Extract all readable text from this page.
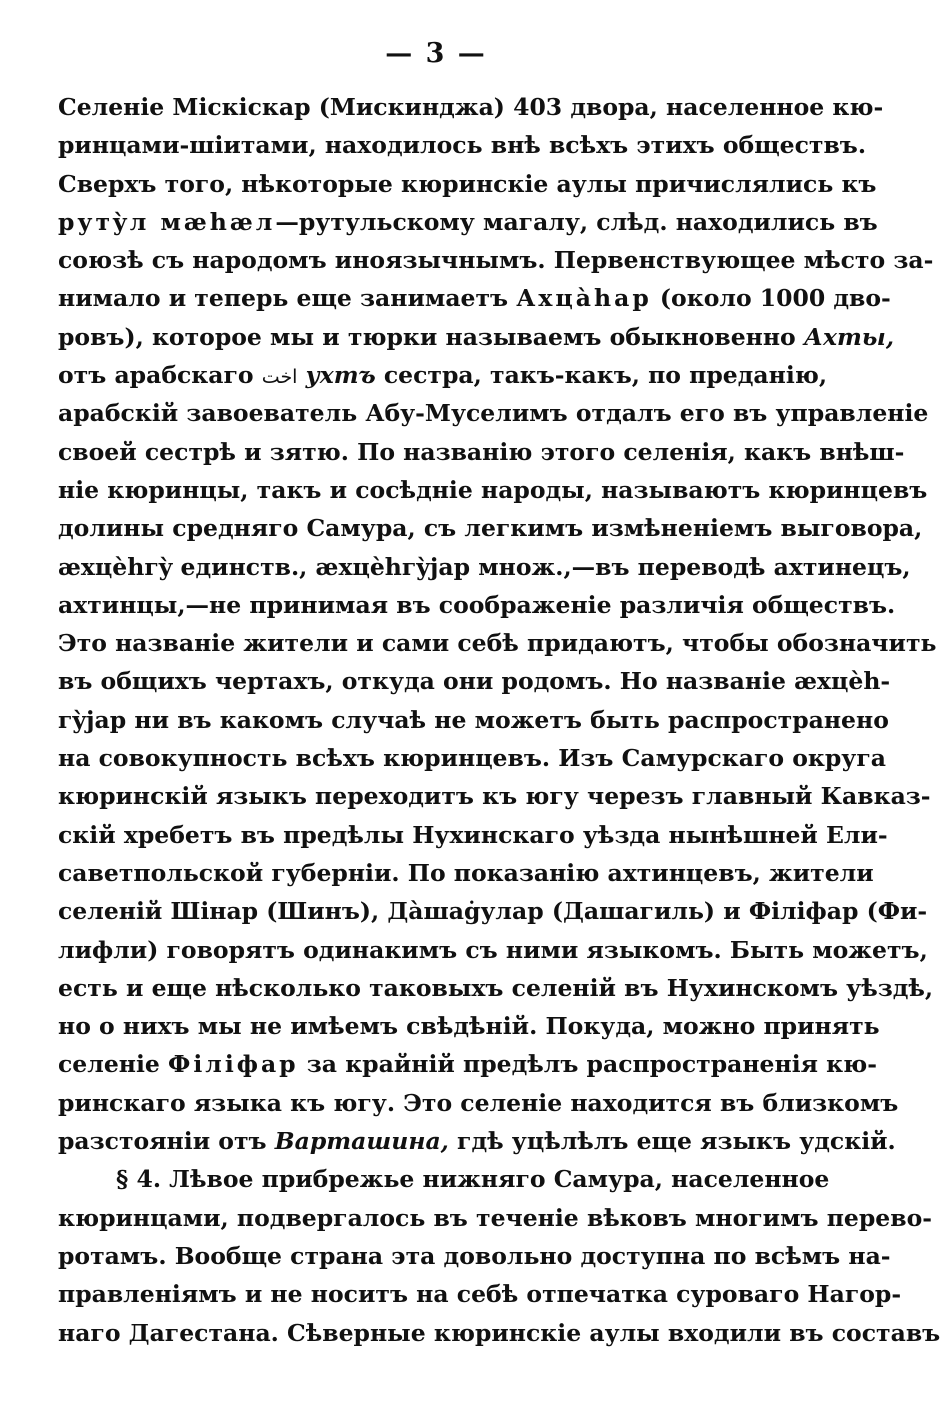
— 3 —
Селеніе Міскіскар (Мискинджа) 403 двора, населенное кю-
ринцами-шіитами, находилось внѣ всѣхъ этихъ обществъ.
Сверхъ того, нѣкоторые кюринскіе аулы причислялись къ
рутỳл мæhæл—рутульскому магалу, слѣд. находились въ
союзѣ съ народомъ иноязычнымъ. Первенствующее мѣсто за-
нимало и теперь еще занимаетъ Ахцàhар (около 1000 дво-
ровъ), которое мы и тюрки называемъ обыкновенно Ахты,
отъ арабскаго اخت ухтъ сестра, такъ-какъ, по преданію,
арабскій завоеватель Абу-Муселимъ отдалъ его въ управленіе
своей сестрѣ и зятю. По названію этого селенія, какъ внѣш-
ніе кюринцы, такъ и сосѣдніе народы, называютъ кюринцевъ
долины средняго Самура, съ легкимъ измѣненіемъ выговора,
æхцèhгỳ единств., æхцèhгỳјар множ.,—въ переводѣ ахтинецъ,
ахтинцы,—не принимая въ соображеніе различія обществъ.
Это названіе жители и сами себѣ придаютъ, чтобы обозначить
въ общихъ чертахъ, откуда они родомъ. Но названіе æхцèh-
гỳјар ни въ какомъ случаѣ не можетъ быть распространено
на совокупность всѣхъ кюринцевъ. Изъ Самурскаго округа
кюринскій языкъ переходитъ къ югу черезъ главный Кавказ-
скій хребетъ въ предѣлы Нухинскаго уѣзда нынѣшней Ели-
саветпольской губерніи. По показанію ахтинцевъ, жители
селеній Шінар (Шинъ), Дàшаġулар (Дашагиль) и Філіфар (Фи-
лифли) говорятъ одинакимъ съ ними языкомъ. Быть можетъ,
есть и еще нѣсколько таковыхъ селеній въ Нухинскомъ уѣздѣ,
но о нихъ мы не имѣемъ свѣдѣній. Покуда, можно принять
селеніе Філіфар за крайній предѣлъ распространенія кю-
ринскаго языка къ югу. Это селеніе находится въ близкомъ
разстояніи отъ Варташина, гдѣ уцѣлѣлъ еще языкъ удскій.
§ 4. Лѣвое прибрежье нижняго Самура, населенное
кюринцами, подвергалось въ теченіе вѣковъ многимъ перево-
ротамъ. Вообще страна эта довольно доступна по всѣмъ на-
правленіямъ и не носитъ на себѣ отпечатка суроваго Нагор-
наго Дагестана. Сѣверные кюринскіе аулы входили въ составъ
